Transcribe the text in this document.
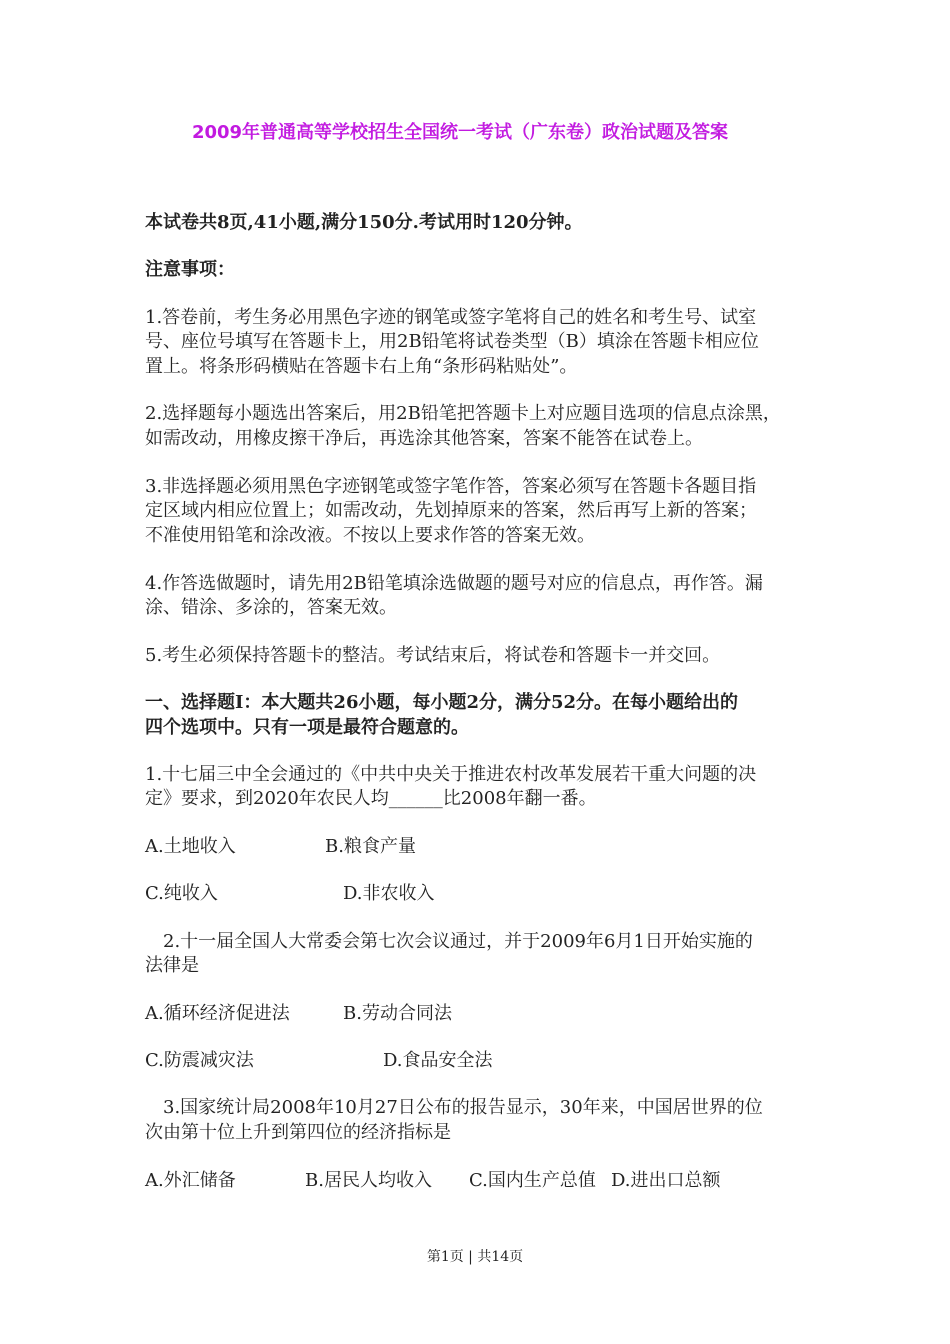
2009年普通高等学校招生全国统一考试（广东卷）政治试题及答案
本试卷共8页,41小题,满分150分.考试用时120分钟。
注意事项：
1.答卷前，考生务必用黑色字迹的钢笔或签字笔将自己的姓名和考生号、试室
号、座位号填写在答题卡上，用2B铅笔将试卷类型（B）填涂在答题卡相应位
置上。将条形码横贴在答题卡右上角“条形码粘贴处”。
2.选择题每小题选出答案后，用2B铅笔把答题卡上对应题目选项的信息点涂黑，
如需改动，用橡皮擦干净后，再选涂其他答案，答案不能答在试卷上。
3.非选择题必须用黑色字迹钢笔或签字笔作答，答案必须写在答题卡各题目指
定区域内相应位置上；如需改动，先划掉原来的答案，然后再写上新的答案；
不准使用铅笔和涂改液。不按以上要求作答的答案无效。
4.作答选做题时，请先用2B铅笔填涂选做题的题号对应的信息点，再作答。漏
涂、错涂、多涂的，答案无效。
5.考生必须保持答题卡的整洁。考试结束后，将试卷和答题卡一并交回。
一、选择题Ⅰ：本大题共26小题，每小题2分，满分52分。在每小题给出的
四个选项中。只有一项是最符合题意的。
1.十七届三中全会通过的《中共中央关于推进农村改革发展若干重大问题的决
定》要求，到2020年农民人均______比2008年翻一番。
A.土地收入	B.粮食产量
C.纯收入	D.非农收入
2.十一届全国人大常委会第七次会议通过，并于2009年6月1日开始实施的
法律是
A.循环经济促进法	B.劳动合同法
C.防震减灾法	D.食品安全法
3.国家统计局2008年10月27日公布的报告显示，30年来，中国居世界的位
次由第十位上升到第四位的经济指标是
A.外汇储备	B.居民人均收入 C.国内生产总值 D.进出口总额
第1页 | 共14页
